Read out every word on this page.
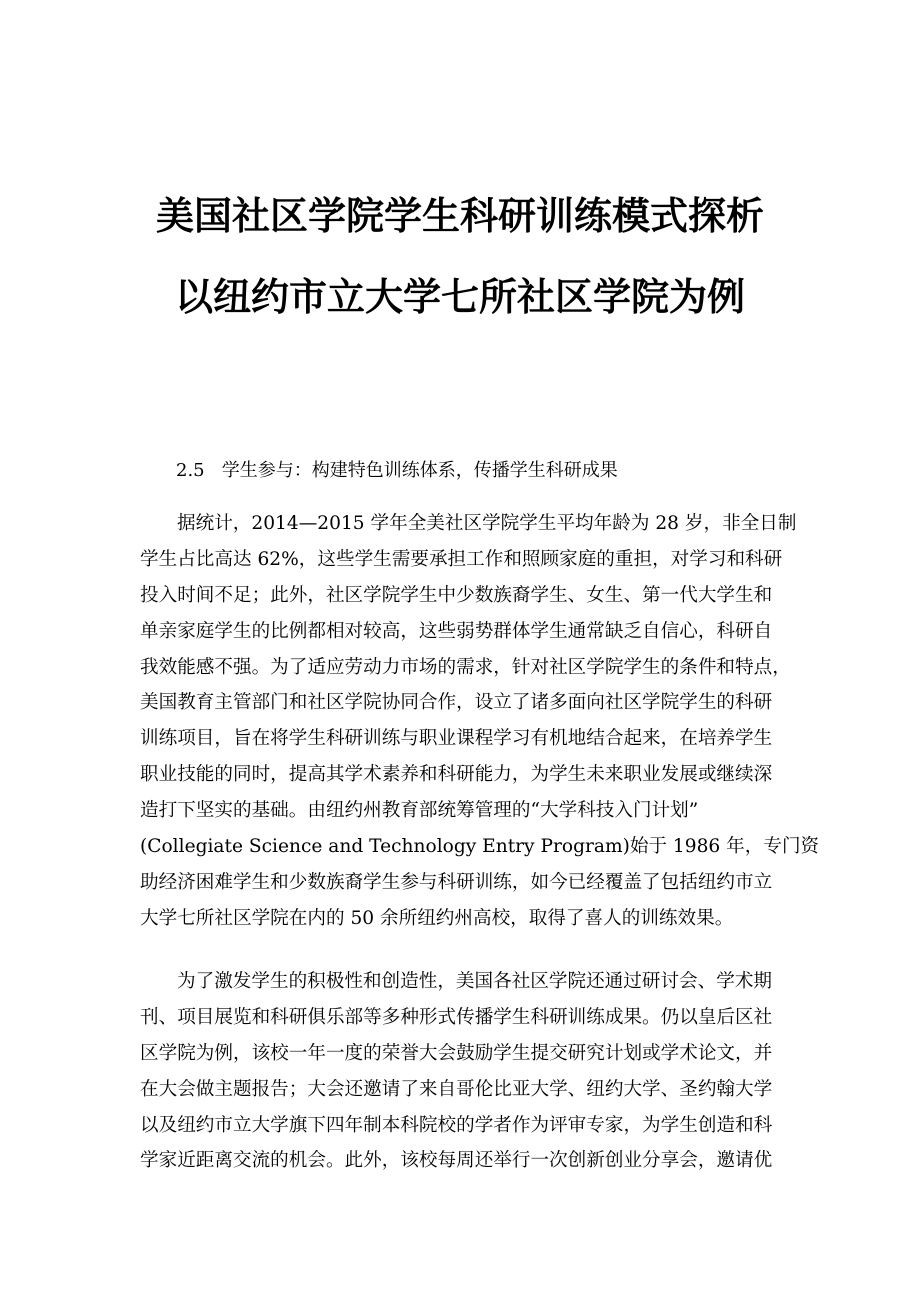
美国社区学院学生科研训练模式探析
以纽约市立大学七所社区学院为例
2.5   学生参与：构建特色训练体系，传播学生科研成果
据统计，2014—2015 学年全美社区学院学生平均年龄为 28 岁，非全日制
学生占比高达 62%，这些学生需要承担工作和照顾家庭的重担，对学习和科研
投入时间不足；此外，社区学院学生中少数族裔学生、女生、第一代大学生和
单亲家庭学生的比例都相对较高，这些弱势群体学生通常缺乏自信心，科研自
我效能感不强。为了适应劳动力市场的需求，针对社区学院学生的条件和特点，
美国教育主管部门和社区学院协同合作，设立了诸多面向社区学院学生的科研
训练项目，旨在将学生科研训练与职业课程学习有机地结合起来，在培养学生
职业技能的同时，提高其学术素养和科研能力，为学生未来职业发展或继续深
造打下坚实的基础。由纽约州教育部统筹管理的“大学科技入门计划”
(Collegiate Science and Technology Entry Program)始于 1986 年，专门资
助经济困难学生和少数族裔学生参与科研训练，如今已经覆盖了包括纽约市立
大学七所社区学院在内的 50 余所纽约州高校，取得了喜人的训练效果。
为了激发学生的积极性和创造性，美国各社区学院还通过研讨会、学术期
刊、项目展览和科研俱乐部等多种形式传播学生科研训练成果。仍以皇后区社
区学院为例，该校一年一度的荣誉大会鼓励学生提交研究计划或学术论文，并
在大会做主题报告；大会还邀请了来自哥伦比亚大学、纽约大学、圣约翰大学
以及纽约市立大学旗下四年制本科院校的学者作为评审专家，为学生创造和科
学家近距离交流的机会。此外，该校每周还举行一次创新创业分享会，邀请优
